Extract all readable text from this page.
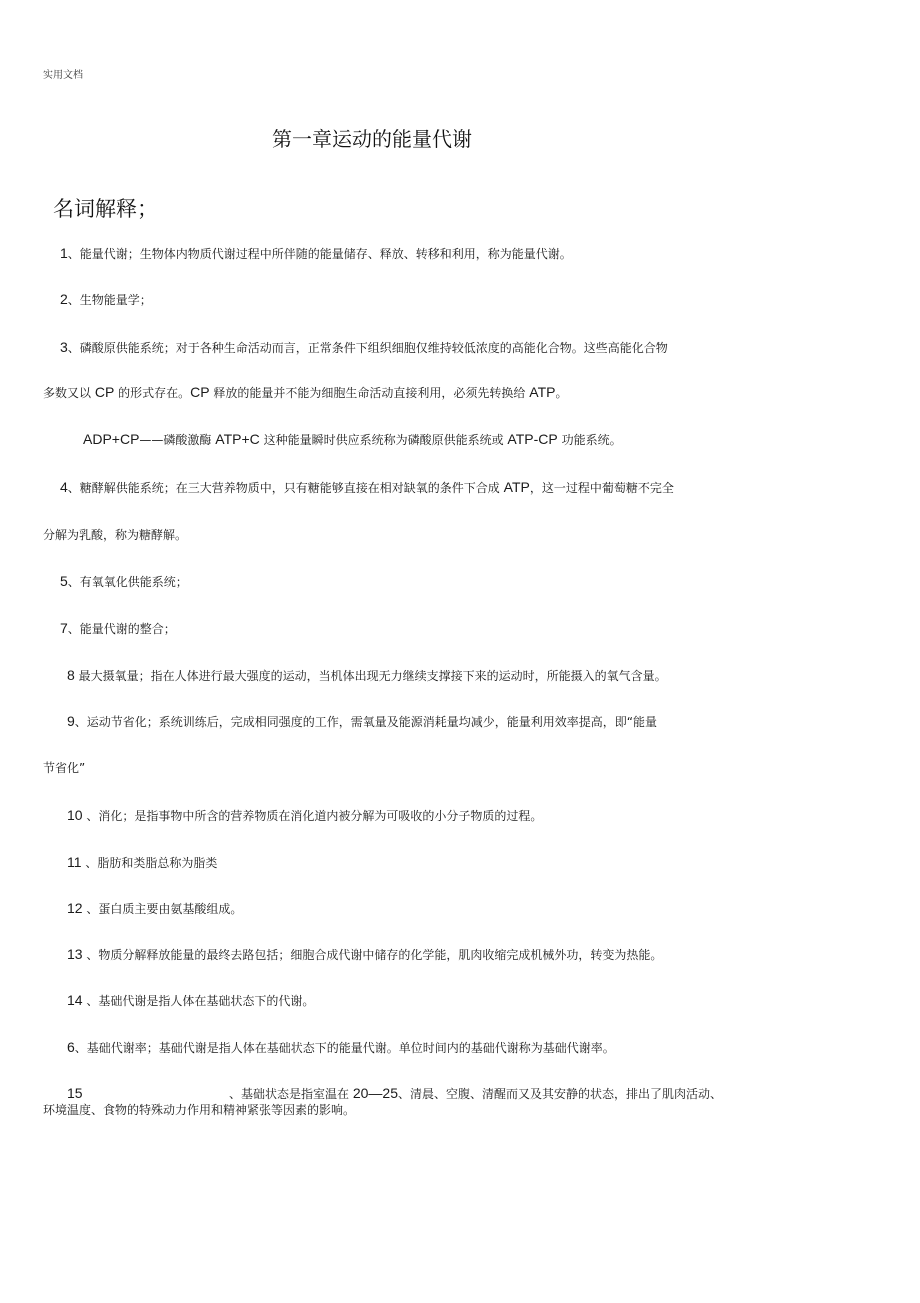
实用文档
第一章运动的能量代谢
名词解释；
1、能量代谢；生物体内物质代谢过程中所伴随的能量储存、释放、转移和利用，称为能量代谢。
2、生物能量学；
3、磷酸原供能系统；对于各种生命活动而言，正常条件下组织细胞仅维持较低浓度的高能化合物。这些高能化合物
多数又以 CP 的形式存在。CP 释放的能量并不能为细胞生命活动直接利用，必须先转换给 ATP。
ADP+CP——磷酸激酶 ATP+C 这种能量瞬时供应系统称为磷酸原供能系统或 ATP-CP 功能系统。
4、糖酵解供能系统；在三大营养物质中，只有糖能够直接在相对缺氧的条件下合成 ATP，这一过程中葡萄糖不完全
分解为乳酸，称为糖酵解。
5、有氧氧化供能系统；
7、能量代谢的整合；
8 最大摄氧量；指在人体进行最大强度的运动，当机体出现无力继续支撑接下来的运动时，所能摄入的氧气含量。
9、运动节省化；系统训练后，完成相同强度的工作，需氧量及能源消耗量均减少，能量利用效率提高，即“能量
节省化”
10 、消化；是指事物中所含的营养物质在消化道内被分解为可吸收的小分子物质的过程。
11 、脂肪和类脂总称为脂类
12 、蛋白质主要由氨基酸组成。
13 、物质分解释放能量的最终去路包括；细胞合成代谢中储存的化学能，肌肉收缩完成机械外功，转变为热能。
14 、基础代谢是指人体在基础状态下的代谢。
6、基础代谢率；基础代谢是指人体在基础状态下的能量代谢。单位时间内的基础代谢称为基础代谢率。
15	、基础状态是指室温在 20—25、清晨、空腹、清醒而又及其安静的状态，排出了肌肉活动、
环境温度、食物的特殊动力作用和精神紧张等因素的影响。
